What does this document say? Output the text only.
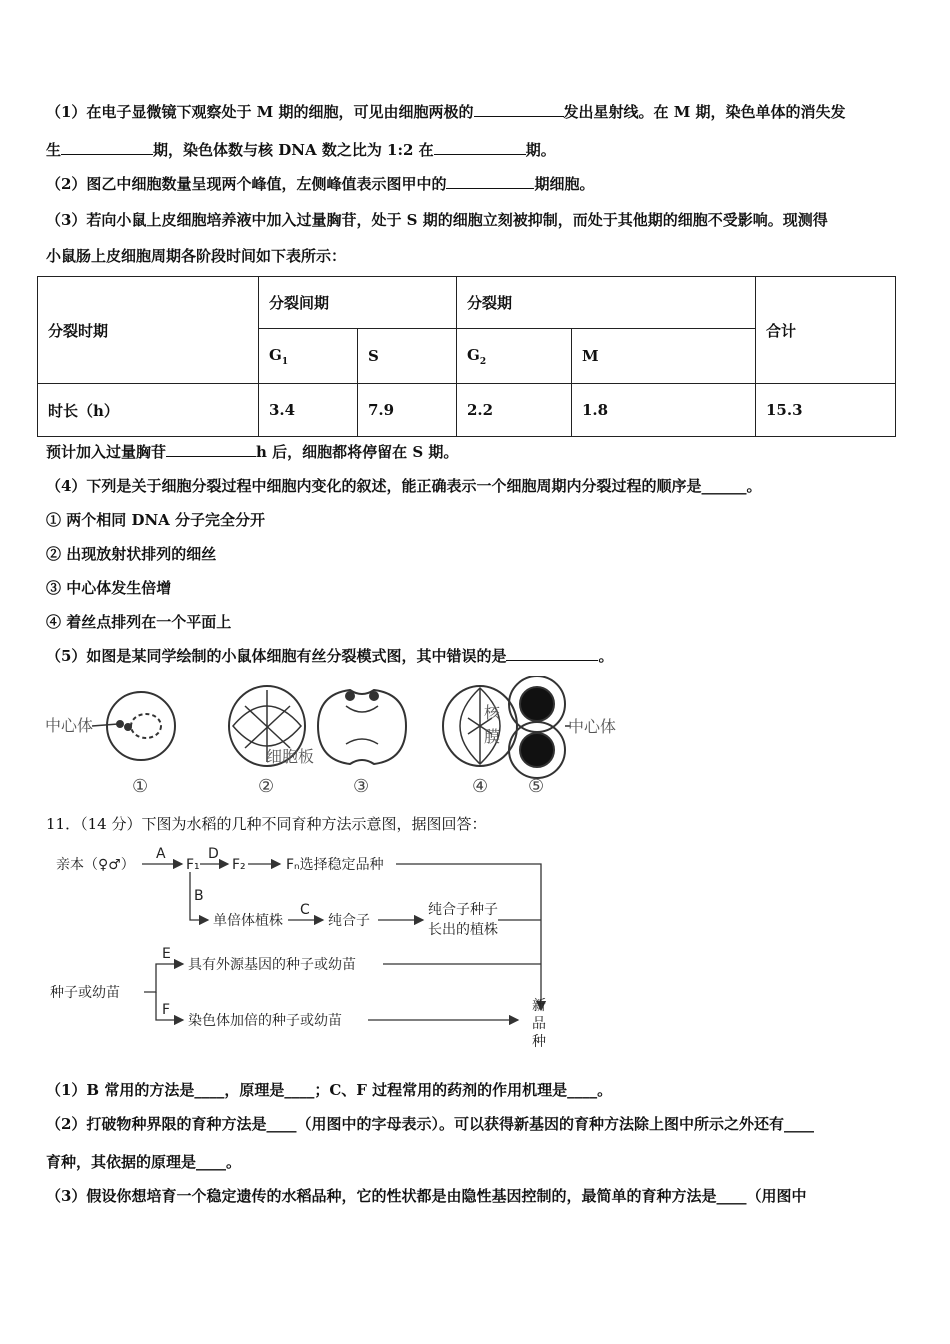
（1）在电子显微镜下观察处于 M 期的细胞，可见由细胞两极的	发出星射线。在 M 期，染色单体的消失发
生	期，染色体数与核 DNA 数之比为 1:2 在	期。
（2）图乙中细胞数量呈现两个峰值，左侧峰值表示图甲中的	期细胞。
（3）若向小鼠上皮细胞培养液中加入过量胸苷，处于 S 期的细胞立刻被抑制，而处于其他期的细胞不受影响。现测得
小鼠肠上皮细胞周期各阶段时间如下表所示：
分裂时期	分裂间期		分裂期		合计
	$G_1$	S	$G_2$	M	
时长（h）	3.4	7.9	2.2	1.8	15.3
预计加入过量胸苷	h 后，细胞都将停留在 S 期。
（4）下列是关于细胞分裂过程中细胞内变化的叙述，能正确表示一个细胞周期内分裂过程的顺序是______。
① 两个相同 DNA 分子完全分开
② 出现放射状排列的细丝
③ 中心体发生倍增
④ 着丝点排列在一个平面上
（5）如图是某同学绘制的小鼠体细胞有丝分裂模式图，其中错误的是	。
中心体
细胞板
核
膜
中心体
①	②	③	④ ⑤
11．（14 分）下图为水稻的几种不同育种方法示意图，据图回答：
亲本（♀♂）
A
F₁
D
F₂	Fₙ选择稳定品种
B
单倍体植株
C
纯合子
纯合子种子
长出的植株
种子或幼苗
E
具有外源基因的种子或幼苗
F
染色体加倍的种子或幼苗
新
品
种
（1）B 常用的方法是____，原理是____；C、F 过程常用的药剂的作用机理是____。
（2）打破物种界限的育种方法是____（用图中的字母表示）。可以获得新基因的育种方法除上图中所示之外还有____
育种，其依据的原理是____。
（3）假设你想培育一个稳定遗传的水稻品种，它的性状都是由隐性基因控制的，最简单的育种方法是____（用图中
